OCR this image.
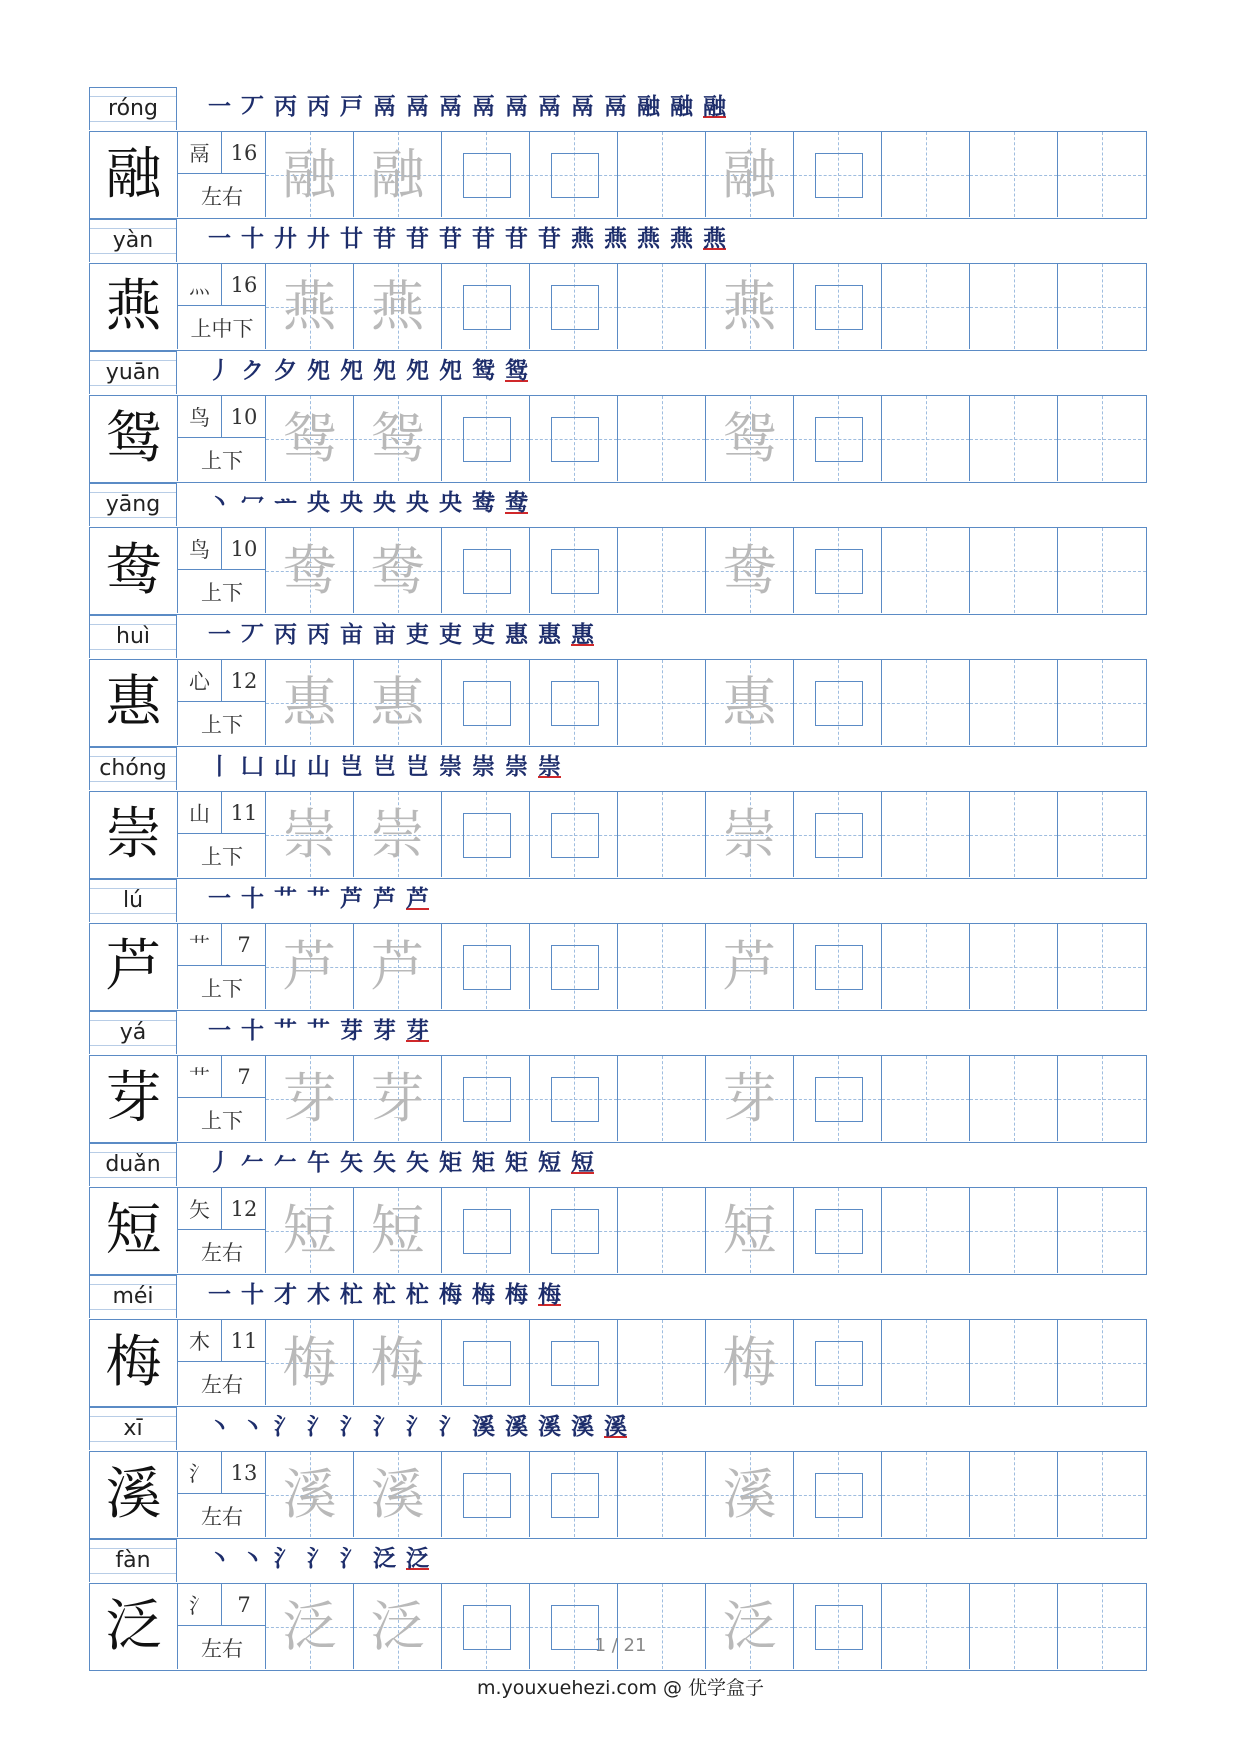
róng 一 丆 丙 丙 戸 鬲 鬲 鬲 鬲 鬲 鬲 鬲 鬲 融 融 融
融	鬲 16
左右 融 融	融
yàn 一 十 廾 廾 廿 苷 苷 苷 苷 苷 苷 燕 燕 燕 燕 燕
燕	灬 16
上中下 燕 燕	燕
yuān 丿 ク 夕 夗 夗 夗 夗 夗 鸳 鸳
鸳	鸟 10
上下 鸳 鸳	鸳
yāng 丶 冖 ᅭ 央 央 央 央 央 鸯 鸯
鸯	鸟 10
上下 鸯 鸯	鸯
huì	一 丆 丙 丙 亩 亩 吏 吏 吏 惠 惠 惠
惠	心 12
上下 惠 惠	惠
chóng 丨 凵 山 山 岂 岂 岂 崇 崇 崇 崇
崇	山 11
上下 崇 崇	崇
lú	一 十 艹 艹 芦 芦 芦
芦	艹	7
上下 芦 芦	芦
yá	一 十 艹 艹 芽 芽 芽
芽	艹	7
上下 芽 芽	芽
duǎn 丿 𠂉 𠂉 午 矢 矢 矢 矩 矩 矩 短 短
短	矢 12
左右 短 短	短
méi 一 十 才 木 杧 杧 杧 梅 梅 梅 梅
梅	木 11
左右 梅 梅	梅
xī	丶 丶 氵 氵 氵 氵 氵 氵 溪 溪 溪 溪 溪
溪	氵 13
左右 溪 溪	溪
fàn 丶 丶 氵 氵 氵 泛 泛
泛	氵	7
左右 泛 泛	泛
1 / 21
m.youxuehezi.com @ 优学盒子
